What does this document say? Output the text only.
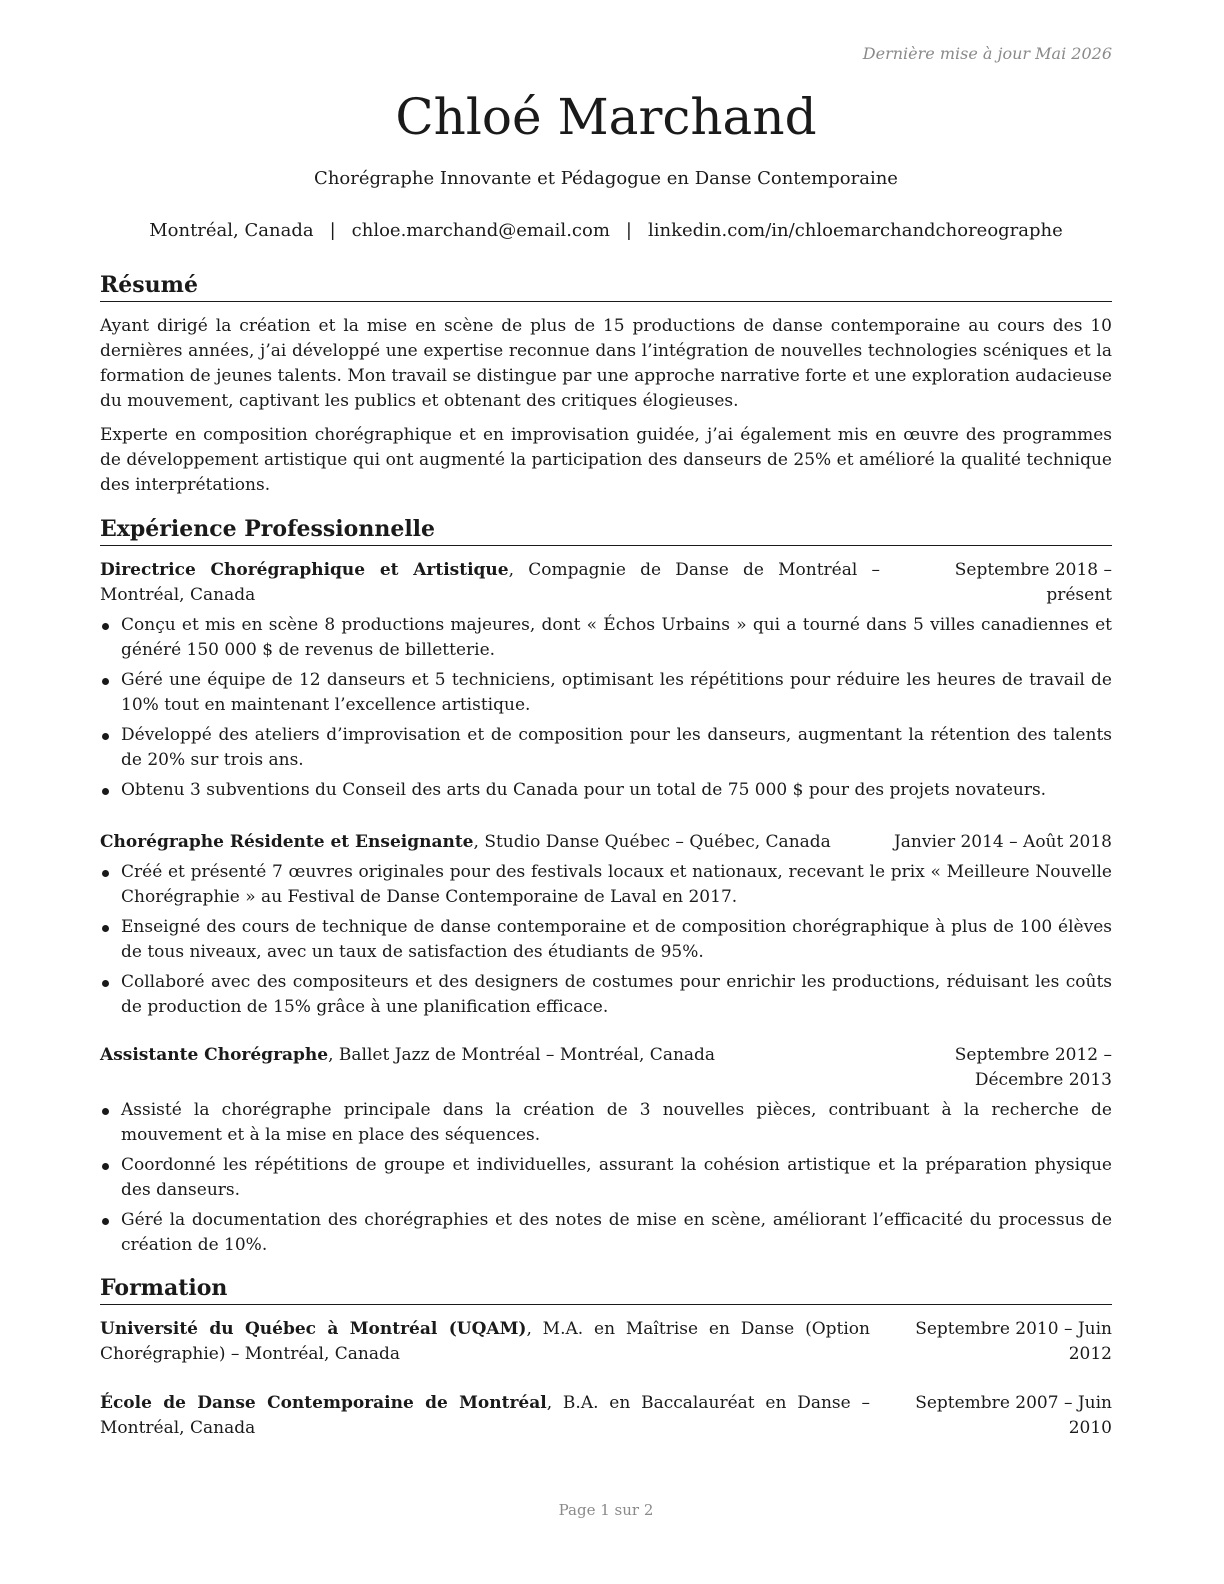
Dernière mise à jour Mai 2026
Chloé Marchand
Chorégraphe Innovante et Pédagogue en Danse Contemporaine
Montréal, Canada | chloe.marchand@email.com | linkedin.com/in/chloemarchandchoreographe
Résumé
Ayant dirigé la création et la mise en scène de plus de 15 productions de danse contemporaine au cours des 10 dernières années, j’ai développé une expertise reconnue dans l’intégration de nouvelles technologies scéniques et la formation de jeunes talents. Mon travail se distingue par une approche narrative forte et une exploration audacieuse du mouvement, captivant les publics et obtenant des critiques élogieuses.
Experte en composition chorégraphique et en improvisation guidée, j’ai également mis en œuvre des programmes de développement artistique qui ont augmenté la participation des danseurs de 25% et amélioré la qualité technique des interprétations.
Expérience Professionnelle
Directrice Chorégraphique et Artistique, Compagnie de Danse de Montréal – Montréal, Canada
Septembre 2018 – présent
Conçu et mis en scène 8 productions majeures, dont « Échos Urbains » qui a tourné dans 5 villes canadiennes et généré 150 000 $ de revenus de billetterie.
Géré une équipe de 12 danseurs et 5 techniciens, optimisant les répétitions pour réduire les heures de travail de 10% tout en maintenant l’excellence artistique.
Développé des ateliers d’improvisation et de composition pour les danseurs, augmentant la rétention des talents de 20% sur trois ans.
Obtenu 3 subventions du Conseil des arts du Canada pour un total de 75 000 $ pour des projets novateurs.
Chorégraphe Résidente et Enseignante, Studio Danse Québec – Québec, Canada	Janvier 2014 – Août 2018
Créé et présenté 7 œuvres originales pour des festivals locaux et nationaux, recevant le prix « Meilleure Nouvelle Chorégraphie » au Festival de Danse Contemporaine de Laval en 2017.
Enseigné des cours de technique de danse contemporaine et de composition chorégraphique à plus de 100 élèves de tous niveaux, avec un taux de satisfaction des étudiants de 95%.
Collaboré avec des compositeurs et des designers de costumes pour enrichir les productions, réduisant les coûts de production de 15% grâce à une planification efficace.
Assistante Chorégraphe, Ballet Jazz de Montréal – Montréal, Canada	Septembre 2012 – Décembre 2013
Assisté la chorégraphe principale dans la création de 3 nouvelles pièces, contribuant à la recherche de mouvement et à la mise en place des séquences.
Coordonné les répétitions de groupe et individuelles, assurant la cohésion artistique et la préparation physique des danseurs.
Géré la documentation des chorégraphies et des notes de mise en scène, améliorant l’efficacité du processus de création de 10%.
Formation
Université du Québec à Montréal (UQAM), M.A. en Maîtrise en Danse (Option Chorégraphie) – Montréal, Canada
Septembre 2010 – Juin 2012
École de Danse Contemporaine de Montréal, B.A. en Baccalauréat en Danse – Montréal, Canada
Septembre 2007 – Juin 2010
Page 1 sur 2
